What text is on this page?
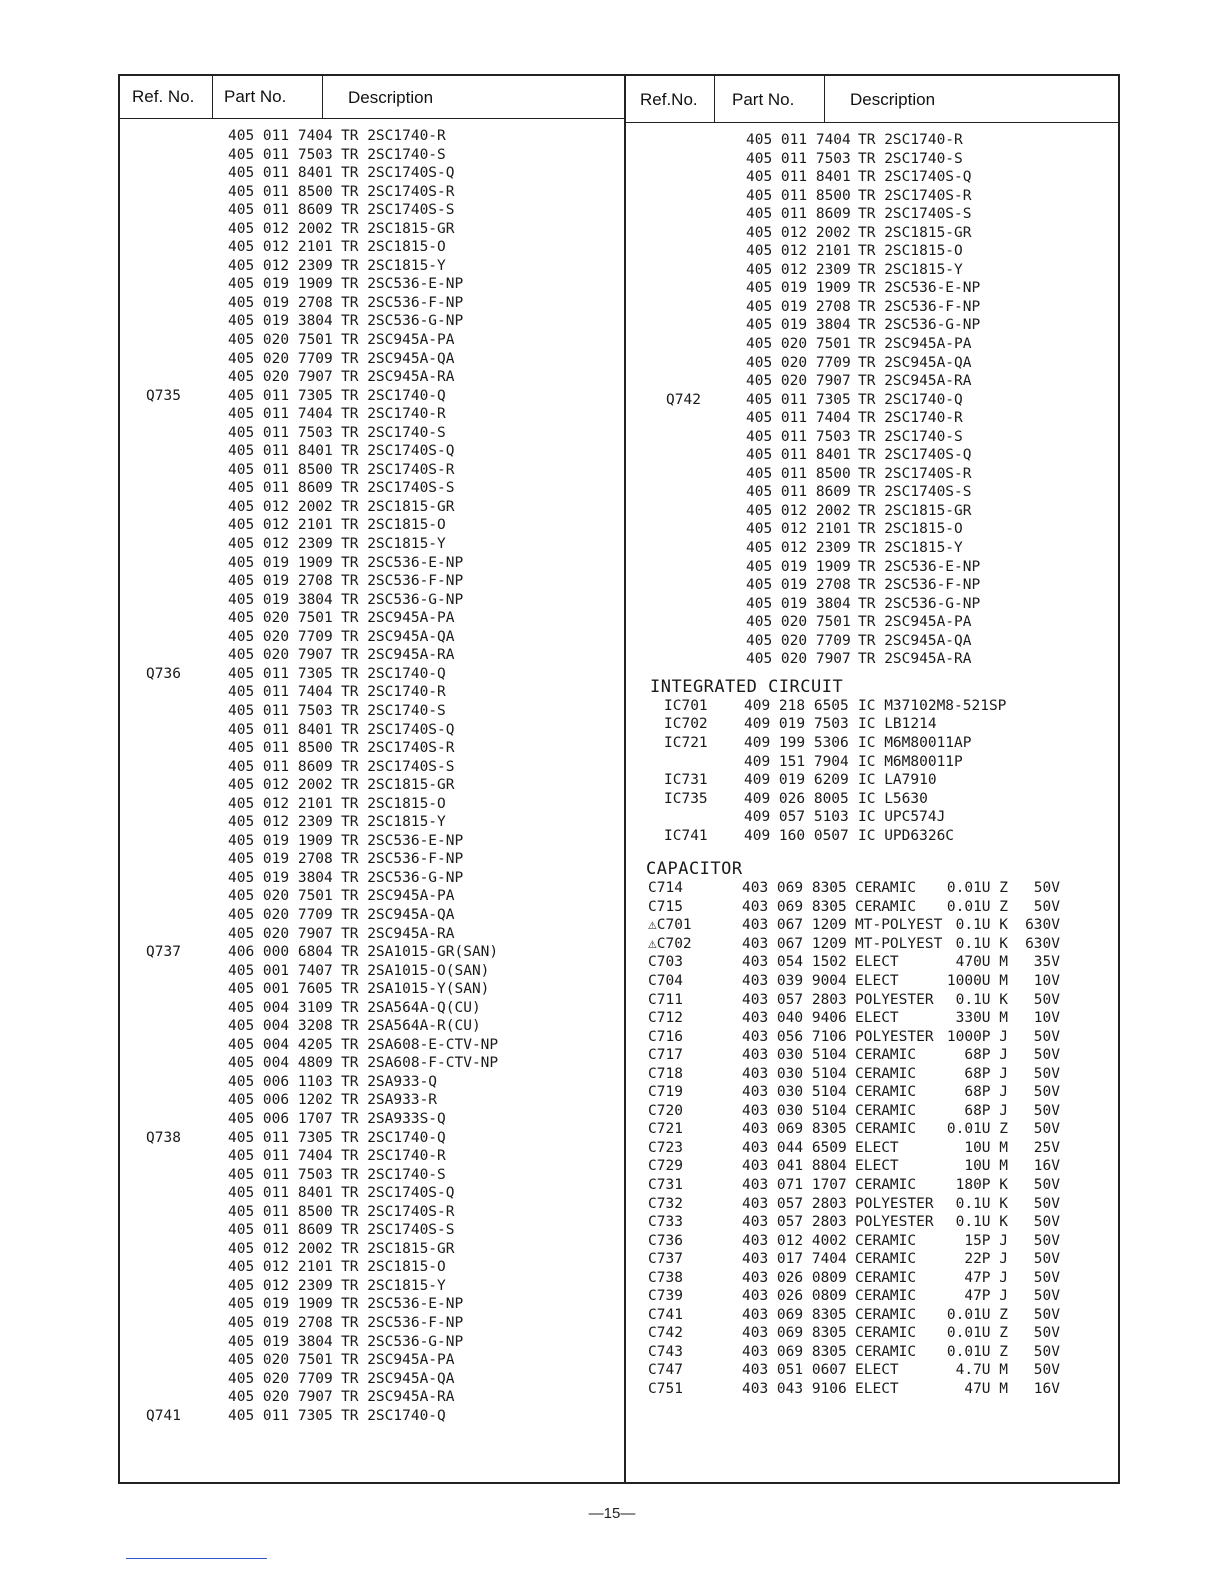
Ref. No. Part No.	Description	Ref.No. Part No.	Description
405 011 7404 TR 2SC1740-R
405 011 7503 TR 2SC1740-S
405 011 8401 TR 2SC1740S-Q
405 011 8500 TR 2SC1740S-R
405 011 8609 TR 2SC1740S-S
405 012 2002 TR 2SC1815-GR
405 012 2101 TR 2SC1815-O
405 012 2309 TR 2SC1815-Y
405 019 1909 TR 2SC536-E-NP
405 019 2708 TR 2SC536-F-NP
405 019 3804 TR 2SC536-G-NP
405 020 7501 TR 2SC945A-PA
405 020 7709 TR 2SC945A-QA
405 020 7907 TR 2SC945A-RA
Q735	405 011 7305 TR 2SC1740-Q
405 011 7404 TR 2SC1740-R
405 011 7503 TR 2SC1740-S
405 011 8401 TR 2SC1740S-Q
405 011 8500 TR 2SC1740S-R
405 011 8609 TR 2SC1740S-S
405 012 2002 TR 2SC1815-GR
405 012 2101 TR 2SC1815-O
405 012 2309 TR 2SC1815-Y
405 019 1909 TR 2SC536-E-NP
405 019 2708 TR 2SC536-F-NP
405 019 3804 TR 2SC536-G-NP
405 020 7501 TR 2SC945A-PA
405 020 7709 TR 2SC945A-QA
405 020 7907 TR 2SC945A-RA
Q736	405 011 7305 TR 2SC1740-Q
405 011 7404 TR 2SC1740-R
405 011 7503 TR 2SC1740-S
405 011 8401 TR 2SC1740S-Q
405 011 8500 TR 2SC1740S-R
405 011 8609 TR 2SC1740S-S
405 012 2002 TR 2SC1815-GR
405 012 2101 TR 2SC1815-O
405 012 2309 TR 2SC1815-Y
405 019 1909 TR 2SC536-E-NP
405 019 2708 TR 2SC536-F-NP
405 019 3804 TR 2SC536-G-NP
405 020 7501 TR 2SC945A-PA
405 020 7709 TR 2SC945A-QA
405 020 7907 TR 2SC945A-RA
Q737	406 000 6804 TR 2SA1015-GR(SAN)
405 001 7407 TR 2SA1015-O(SAN)
405 001 7605 TR 2SA1015-Y(SAN)
405 004 3109 TR 2SA564A-Q(CU)
405 004 3208 TR 2SA564A-R(CU)
405 004 4205 TR 2SA608-E-CTV-NP
405 004 4809 TR 2SA608-F-CTV-NP
405 006 1103 TR 2SA933-Q
405 006 1202 TR 2SA933-R
405 006 1707 TR 2SA933S-Q
Q738	405 011 7305 TR 2SC1740-Q
405 011 7404 TR 2SC1740-R
405 011 7503 TR 2SC1740-S
405 011 8401 TR 2SC1740S-Q
405 011 8500 TR 2SC1740S-R
405 011 8609 TR 2SC1740S-S
405 012 2002 TR 2SC1815-GR
405 012 2101 TR 2SC1815-O
405 012 2309 TR 2SC1815-Y
405 019 1909 TR 2SC536-E-NP
405 019 2708 TR 2SC536-F-NP
405 019 3804 TR 2SC536-G-NP
405 020 7501 TR 2SC945A-PA
405 020 7709 TR 2SC945A-QA
405 020 7907 TR 2SC945A-RA
Q741	405 011 7305 TR 2SC1740-Q
405 011 7404 TR 2SC1740-R
405 011 7503 TR 2SC1740-S
405 011 8401 TR 2SC1740S-Q
405 011 8500 TR 2SC1740S-R
405 011 8609 TR 2SC1740S-S
405 012 2002 TR 2SC1815-GR
405 012 2101 TR 2SC1815-O
405 012 2309 TR 2SC1815-Y
405 019 1909 TR 2SC536-E-NP
405 019 2708 TR 2SC536-F-NP
405 019 3804 TR 2SC536-G-NP
405 020 7501 TR 2SC945A-PA
405 020 7709 TR 2SC945A-QA
405 020 7907 TR 2SC945A-RA
Q742	405 011 7305 TR 2SC1740-Q
405 011 7404 TR 2SC1740-R
405 011 7503 TR 2SC1740-S
405 011 8401 TR 2SC1740S-Q
405 011 8500 TR 2SC1740S-R
405 011 8609 TR 2SC1740S-S
405 012 2002 TR 2SC1815-GR
405 012 2101 TR 2SC1815-O
405 012 2309 TR 2SC1815-Y
405 019 1909 TR 2SC536-E-NP
405 019 2708 TR 2SC536-F-NP
405 019 3804 TR 2SC536-G-NP
405 020 7501 TR 2SC945A-PA
405 020 7709 TR 2SC945A-QA
405 020 7907 TR 2SC945A-RA
INTEGRATED CIRCUIT
IC701	409 218 6505 IC M37102M8-521SP
IC702	409 019 7503 IC LB1214
IC721	409 199 5306 IC M6M80011AP
409 151 7904 IC M6M80011P
IC731	409 019 6209 IC LA7910
IC735	409 026 8005 IC L5630
409 057 5103 IC UPC574J
IC741	409 160 0507 IC UPD6326C
CAPACITOR
C714	403 069 8305 CERAMIC	0.01U Z	50V
C715	403 069 8305 CERAMIC	0.01U Z	50V
⚠C701	403 067 1209 MT-POLYEST 0.1U K	630V
⚠C702	403 067 1209 MT-POLYEST 0.1U K	630V
C703	403 054 1502 ELECT	470U M	35V
C704	403 039 9004 ELECT	1000U M	10V
C711	403 057 2803 POLYESTER	0.1U K	50V
C712	403 040 9406 ELECT	330U M	10V
C716	403 056 7106 POLYESTER 1000P J	50V
C717	403 030 5104 CERAMIC	68P J	50V
C718	403 030 5104 CERAMIC	68P J	50V
C719	403 030 5104 CERAMIC	68P J	50V
C720	403 030 5104 CERAMIC	68P J	50V
C721	403 069 8305 CERAMIC	0.01U Z	50V
C723	403 044 6509 ELECT	10U M	25V
C729	403 041 8804 ELECT	10U M	16V
C731	403 071 1707 CERAMIC	180P K	50V
C732	403 057 2803 POLYESTER	0.1U K	50V
C733	403 057 2803 POLYESTER	0.1U K	50V
C736	403 012 4002 CERAMIC	15P J	50V
C737	403 017 7404 CERAMIC	22P J	50V
C738	403 026 0809 CERAMIC	47P J	50V
C739	403 026 0809 CERAMIC	47P J	50V
C741	403 069 8305 CERAMIC	0.01U Z	50V
C742	403 069 8305 CERAMIC	0.01U Z	50V
C743	403 069 8305 CERAMIC	0.01U Z	50V
C747	403 051 0607 ELECT	4.7U M	50V
C751	403 043 9106 ELECT	47U M	16V
—15—
